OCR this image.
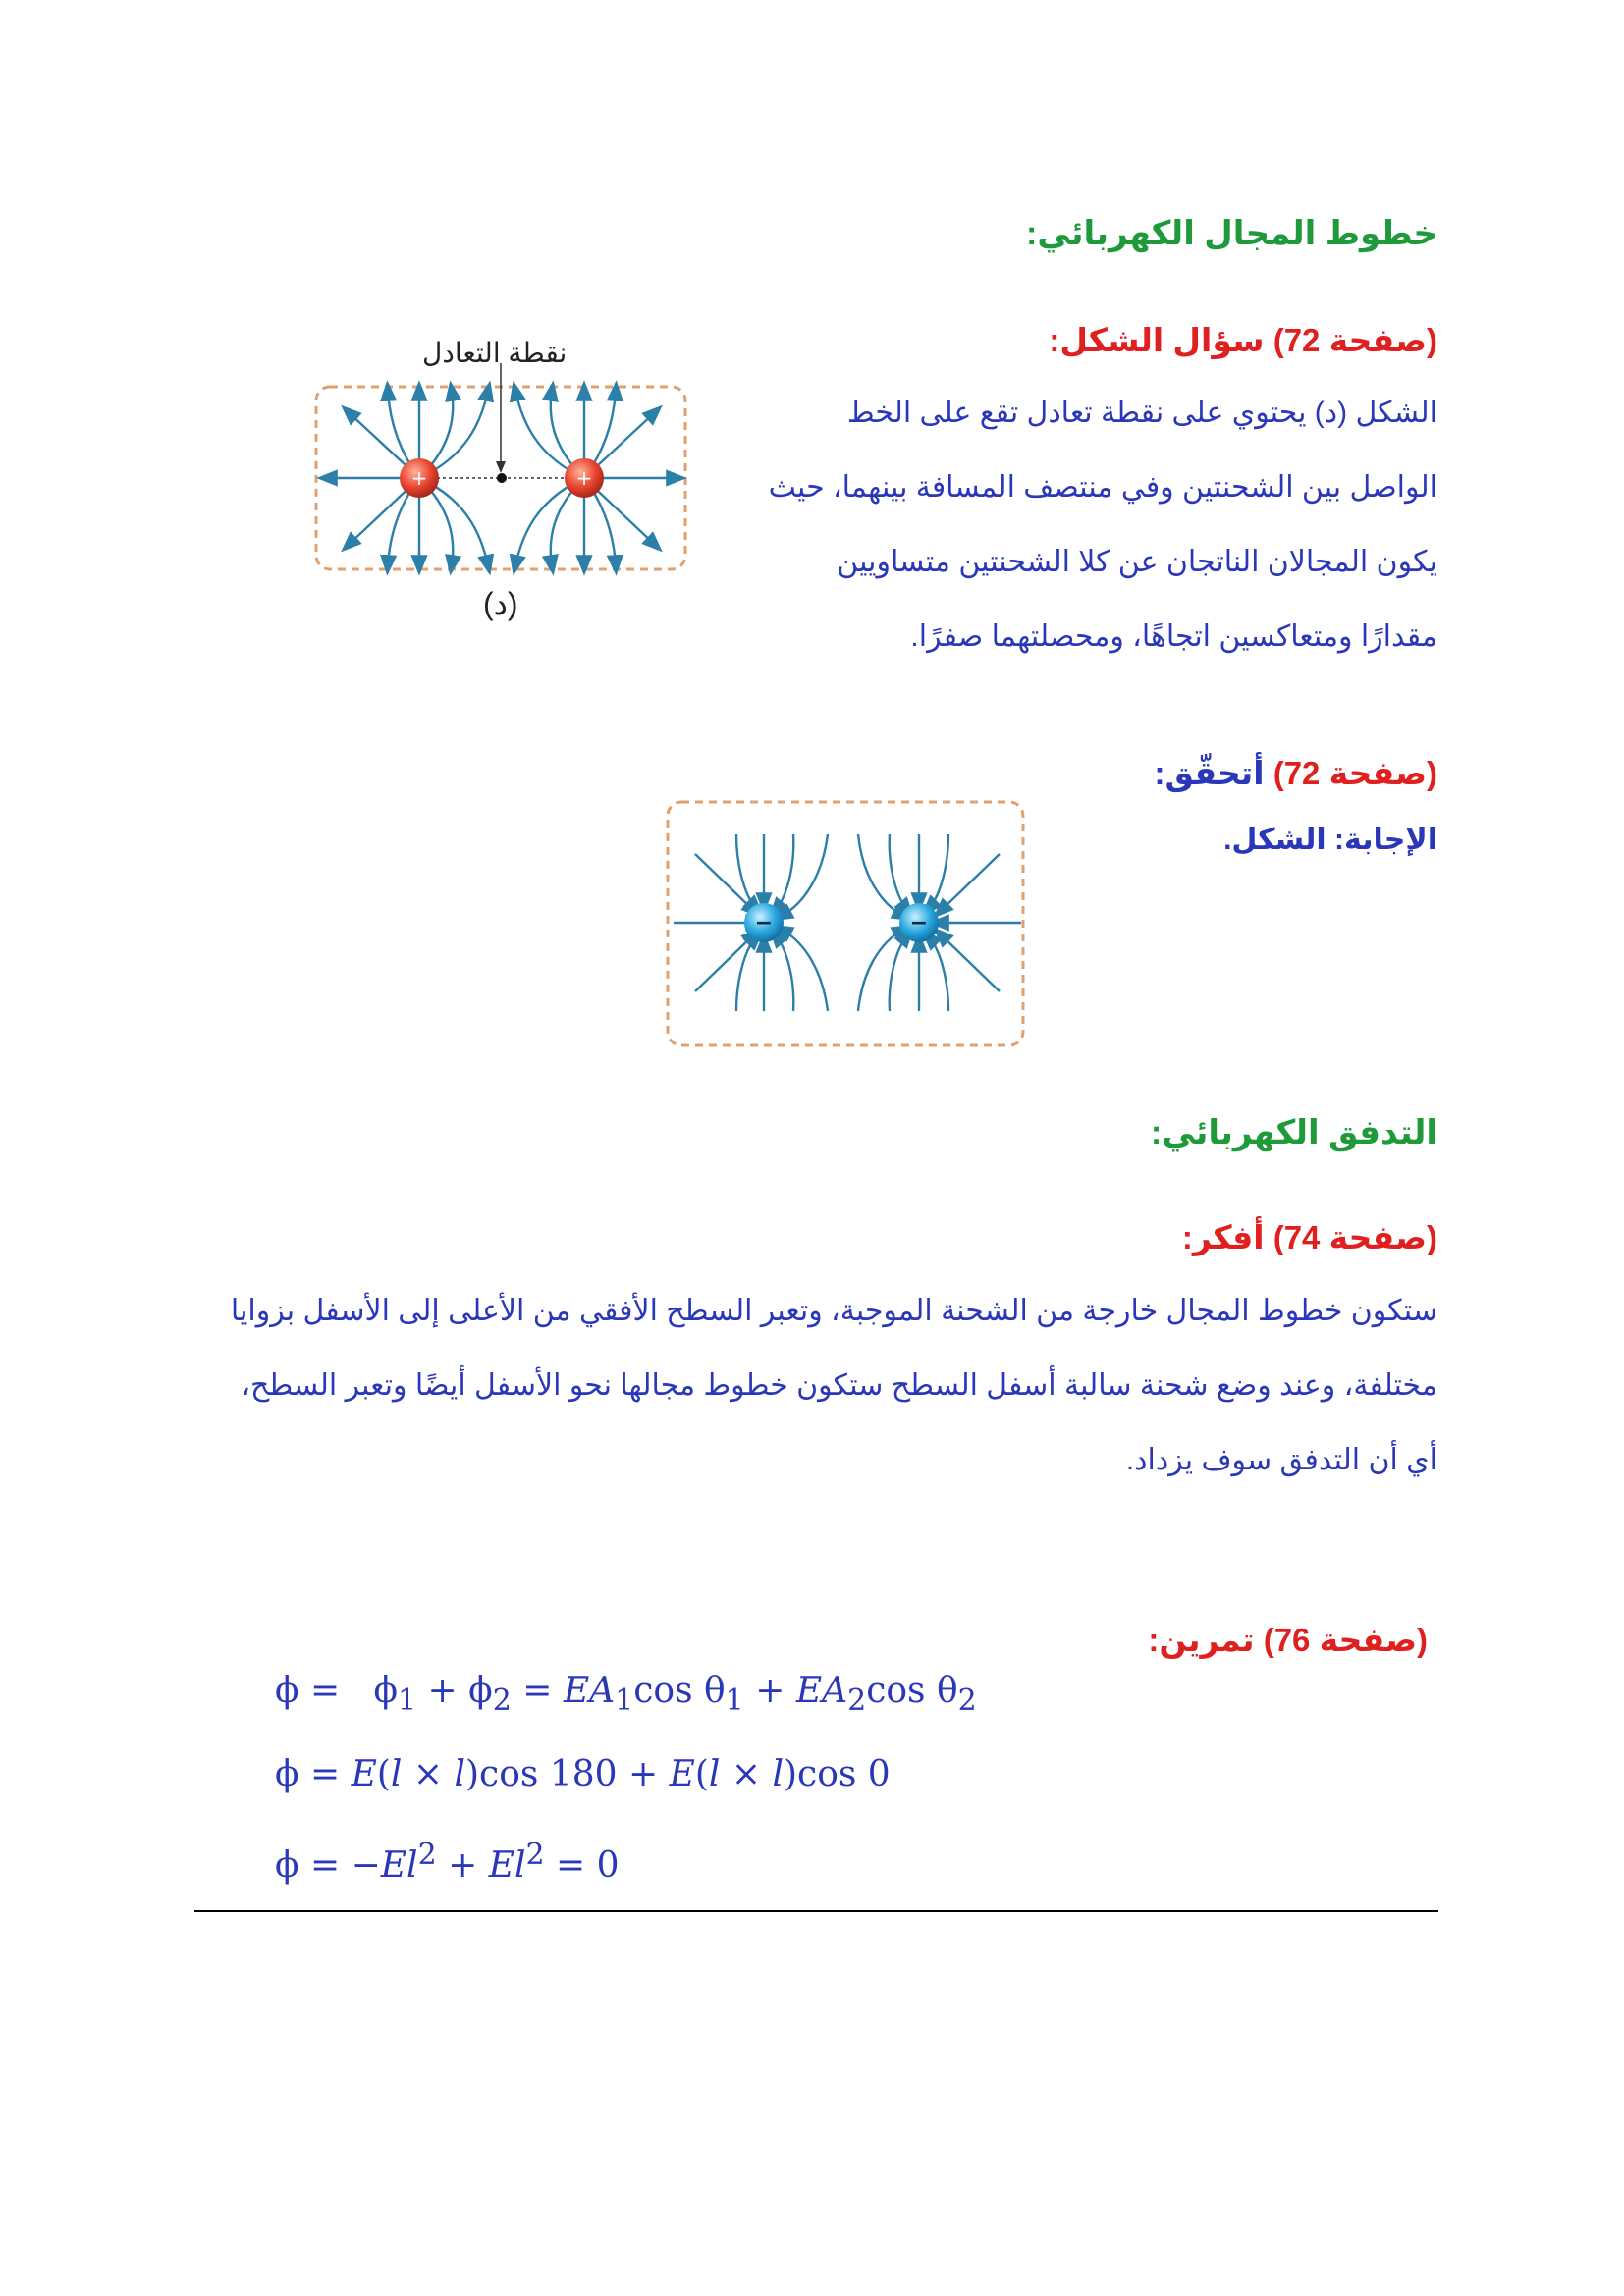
خطوط المجال الكهربائي:
(صفحة 72) سؤال الشكل:
الشكل (د) يحتوي على نقطة تعادل تقع على الخط
الواصل بين الشحنتين وفي منتصف المسافة بينهما، حيث
يكون المجالان الناتجان عن كلا الشحنتين متساويين
مقدارًا ومتعاكسين اتجاهًا، ومحصلتهما صفرًا.
نقطة التعادل
+	+
(د)
(صفحة 72) أتحقّق:
الإجابة: الشكل.
−	−
التدفق الكهربائي:
(صفحة 74) أفكر:
ستكون خطوط المجال خارجة من الشحنة الموجبة، وتعبر السطح الأفقي من الأعلى إلى الأسفل بزوايا
مختلفة، وعند وضع شحنة سالبة أسفل السطح ستكون خطوط مجالها نحو الأسفل أيضًا وتعبر السطح،
أي أن التدفق سوف يزداد.
(صفحة 76) تمرين:
$\phi = \phi_1 + \phi_2 = EA_1\cos$ $\theta_1 + EA_2\cos$ $\theta_2$
ϕ = E(l × l)cos 180 + E(l × l)cos 0
$\phi = -El^2 + El^2 = 0$
